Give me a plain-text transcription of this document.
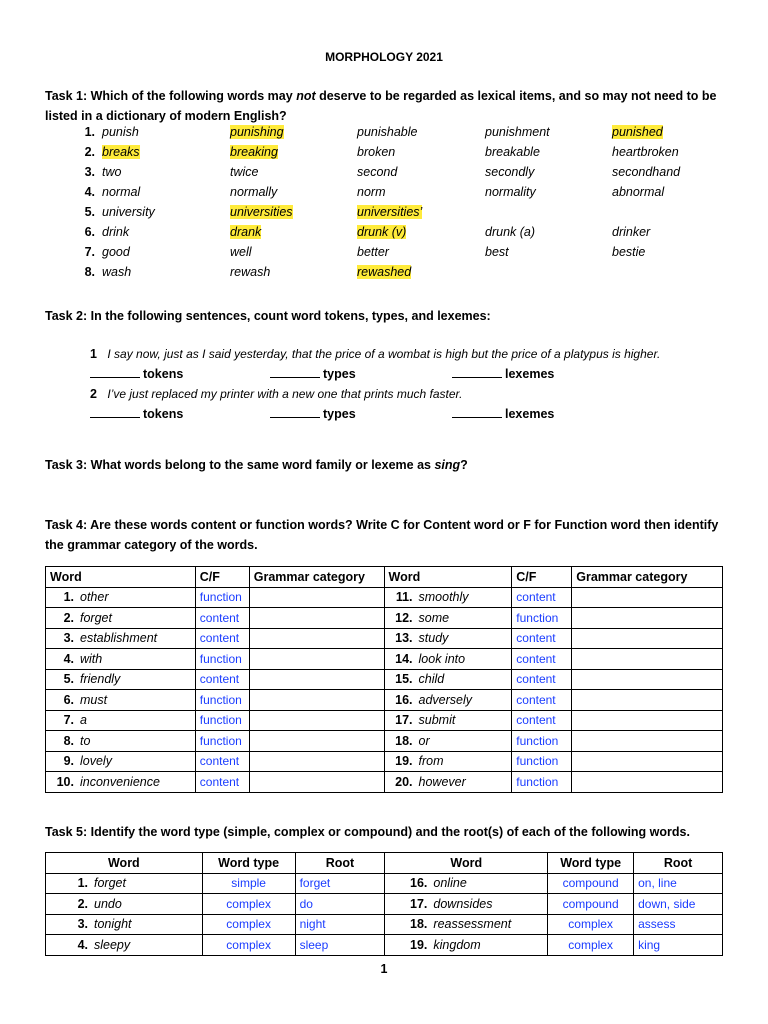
MORPHOLOGY 2021
Task 1: Which of the following words may not deserve to be regarded as lexical items, and so may not need to be listed in a dictionary of modern English?
1. punish	punishing	punishable	punishment	punished
2. breaks	breaking	broken	breakable	heartbroken
3. two	twice	second	secondly	secondhand
4. normal	normally	norm	normality	abnormal
5. university	universities	universities’
6. drink	drank	drunk (v)	drunk (a)	drinker
7. good	well	better	best	bestie
8. wash	rewash	rewashed
Task 2: In the following sentences, count word tokens, types, and lexemes:
1 I say now, just as I said yesterday, that the price of a wombat is high but the price of a platypus is higher.
tokens	types	lexemes
2 I’ve just replaced my printer with a new one that prints much faster.
tokens	types	lexemes
Task 3: What words belong to the same word family or lexeme as sing?
Task 4: Are these words content or function words? Write C for Content word or F for Function word then identify the grammar category of the words.
Word	C/F	Grammar category	Word	C/F	Grammar category
1. other	function		11. smoothly	content	
2. forget	content		12. some	function	
3. establishment	content		13. study	content	
4. with	function		14. look into	content	
5. friendly	content		15. child	content	
6. must	function		16. adversely	content	
7. a	function		17. submit	content	
8. to	function		18. or	function	
9. lovely	content		19. from	function	
10. inconvenience	content		20. however	function	
Task 5: Identify the word type (simple, complex or compound) and the root(s) of each of the following words.
Word	Word type	Root	Word	Word type	Root
1. forget	simple	forget	16. online	compound	on, line
2. undo	complex	do	17. downsides	compound	down, side
3. tonight	complex	night	18. reassessment	complex	assess
4. sleepy	complex	sleep	19. kingdom	complex	king
1
